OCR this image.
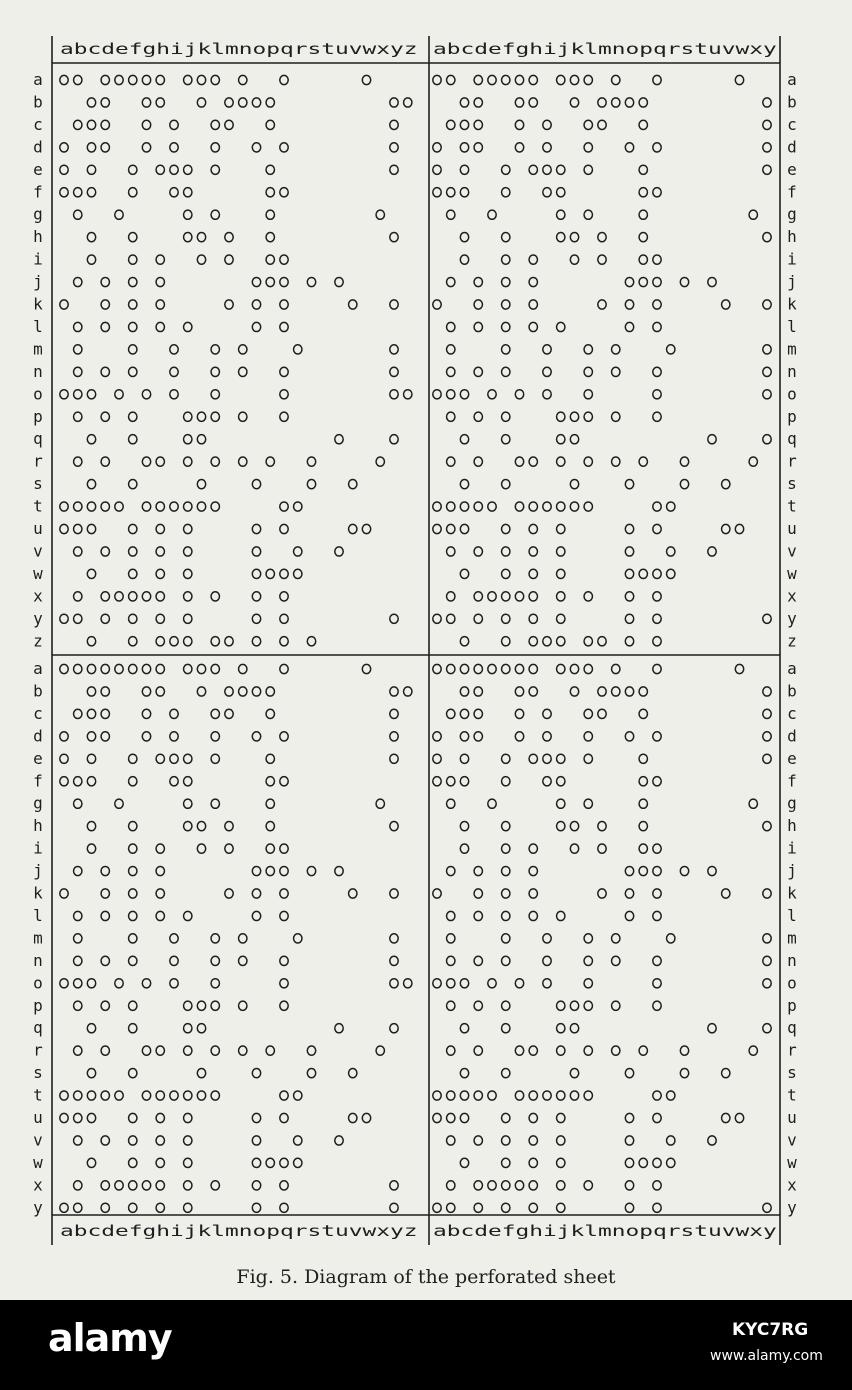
abcdefghijklmnopqrstuvwxyz abcdefghijklmnopqrstuvwxy
abcdefghijklmnopqrstuvwxyz abcdefghijklmnopqrstuvwxy
a	a
b	b
c	c
d	d
e	e
f	f
g	g
h	h
i	i
j	j
k	k
l	l
m	m
n	n
o	o
p	p
q	q
r	r
s	s
t	t
u	u
v	v
w	w
x	x
y	y
z	z
a	a
b	b
c	c
d	d
e	e
f	f
g	g
h	h
i	i
j	j
k	k
l	l
m	m
n	n
o	o
p	p
q	q
r	r
s	s
t	t
u	u
v	v
w	w
x	x
y	y
Fig. 5. Diagram of the perforated sheet
alamy	KYC7RG
www.alamy.com
